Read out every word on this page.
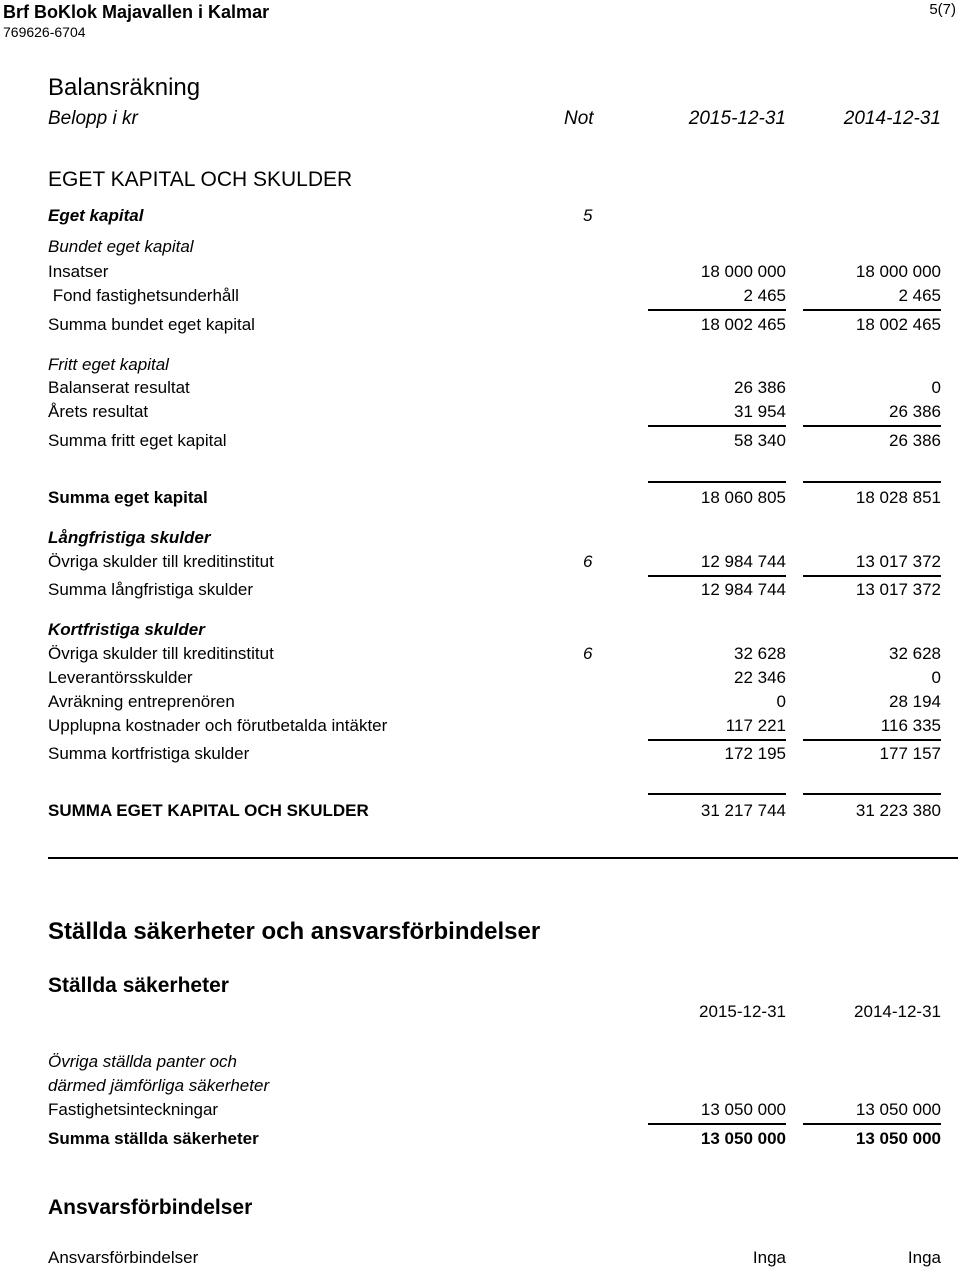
Brf BoKlok Majavallen i Kalmar
769626-6704
5(7)
Balansräkning
Belopp i kr	Not	2015-12-31	2014-12-31
EGET KAPITAL OCH SKULDER
Eget kapital	5
Bundet eget kapital
Insatser	18 000 000	18 000 000
Fond fastighetsunderhåll	2 465	2 465
Summa bundet eget kapital	18 002 465	18 002 465
Fritt eget kapital
Balanserat resultat	26 386	0
Årets resultat	31 954	26 386
Summa fritt eget kapital	58 340	26 386
Summa eget kapital	18 060 805	18 028 851
Långfristiga skulder
Övriga skulder till kreditinstitut	6	12 984 744	13 017 372
Summa långfristiga skulder	12 984 744	13 017 372
Kortfristiga skulder
Övriga skulder till kreditinstitut	6	32 628	32 628
Leverantörsskulder	22 346	0
Avräkning entreprenören	0	28 194
Upplupna kostnader och förutbetalda intäkter	117 221	116 335
Summa kortfristiga skulder	172 195	177 157
SUMMA EGET KAPITAL OCH SKULDER	31 217 744	31 223 380
Ställda säkerheter och ansvarsförbindelser
Ställda säkerheter
2015-12-31	2014-12-31
Övriga ställda panter och
därmed jämförliga säkerheter
Fastighetsinteckningar	13 050 000	13 050 000
Summa ställda säkerheter	13 050 000	13 050 000
Ansvarsförbindelser
Ansvarsförbindelser	Inga	Inga
